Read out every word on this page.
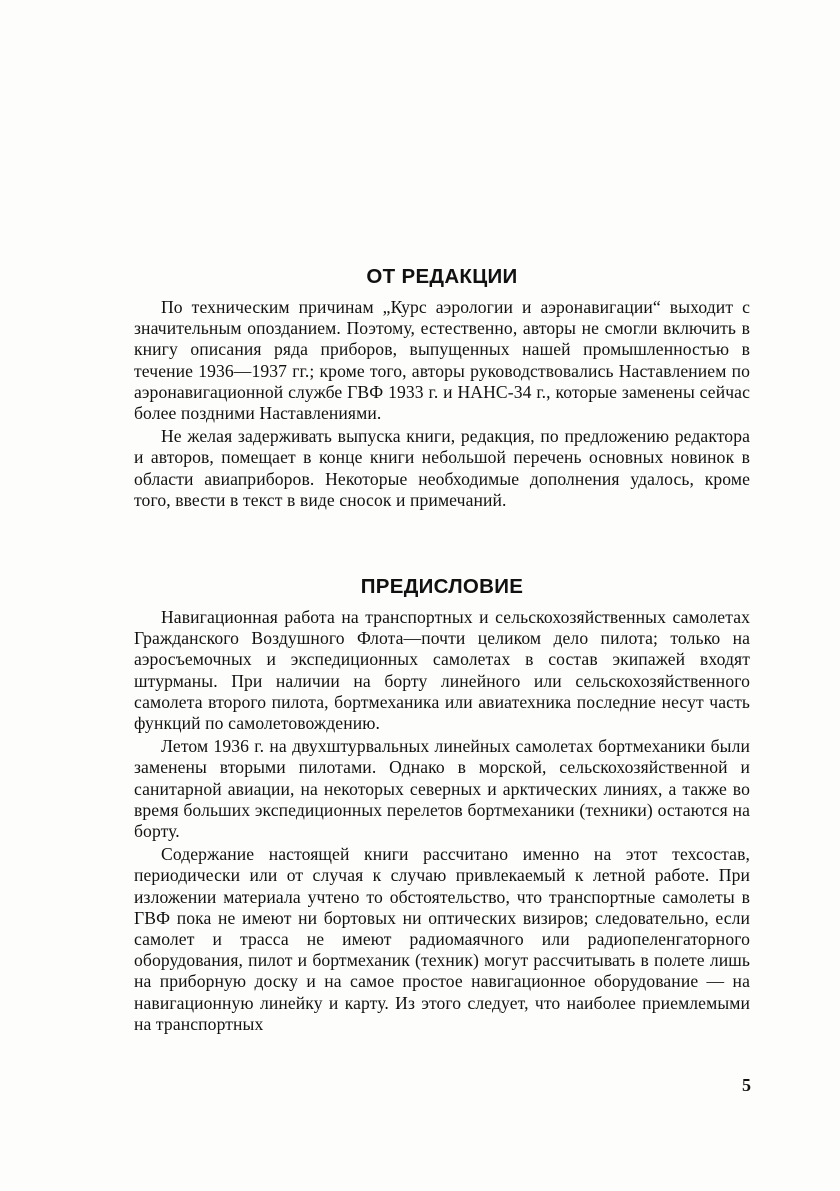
ОТ РЕДАКЦИИ

По техническим причинам „Курс аэрологии и аэронавигации“ выходит с значительным опозданием. Поэтому, естественно, авторы не смогли включить в книгу описания ряда приборов, выпущенных нашей промышленностью в течение 1936—1937 гг.; кроме того, авторы руководствовались Наставлением по аэронавигационной службе ГВФ 1933 г. и НАНС-34 г., которые заменены сейчас более поздними Наставлениями.

Не желая задерживать выпуска книги, редакция, по предложению редактора и авторов, помещает в конце книги небольшой перечень основных новинок в области авиаприборов. Некоторые необходимые дополнения удалось, кроме того, ввести в текст в виде сносок и примечаний.

ПРЕДИСЛОВИЕ

Навигационная работа на транспортных и сельскохозяйственных самолетах Гражданского Воздушного Флота—почти целиком дело пилота; только на аэросъемочных и экспедиционных самолетах в состав экипажей входят штурманы. При наличии на борту линейного или сельскохозяйственного самолета второго пилота, бортмеханика или авиатехника последние несут часть функций по самолетовождению.

Летом 1936 г. на двухштурвальных линейных самолетах бортмеханики были заменены вторыми пилотами. Однако в морской, сельскохозяйственной и санитарной авиации, на некоторых северных и арктических линиях, а также во время больших экспедиционных перелетов бортмеханики (техники) остаются на борту.

Содержание настоящей книги рассчитано именно на этот техсостав, периодически или от случая к случаю привлекаемый к летной работе. При изложении материала учтено то обстоятельство, что транспортные самолеты в ГВФ пока не имеют ни бортовых ни оптических визиров; следовательно, если самолет и трасса не имеют радиомаячного или радиопеленгаторного оборудования, пилот и бортмеханик (техник) могут рассчитывать в полете лишь на приборную доску и на самое простое навигационное оборудование — на навигационную линейку и карту. Из этого следует, что наиболее приемлемыми на транспортных

5
